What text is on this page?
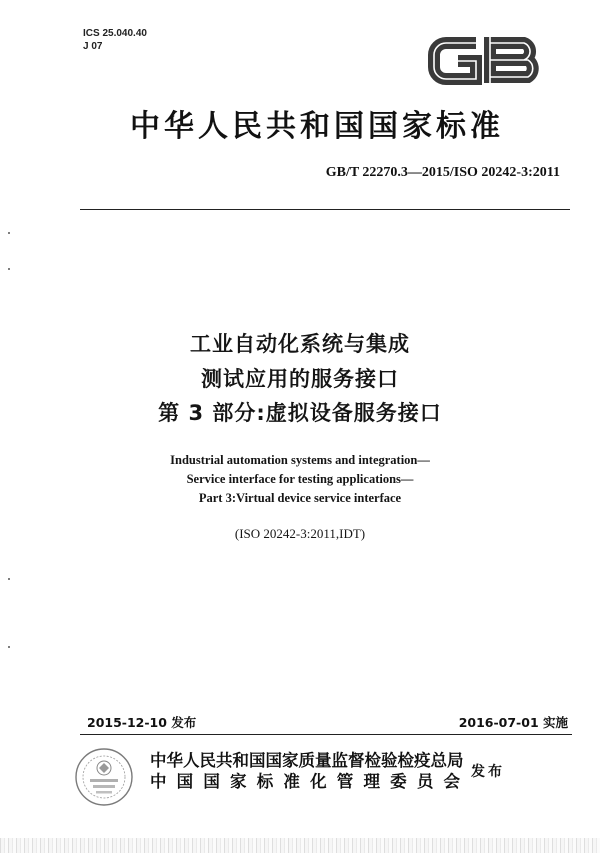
ICS 25.040.40
J 07
中华人民共和国国家标准
GB/T 22270.3—2015/ISO 20242-3:2011
工业自动化系统与集成
测试应用的服务接口
第 3 部分:虚拟设备服务接口
Industrial automation systems and integration—
Service interface for testing applications—
Part 3:Virtual device service interface
(ISO 20242-3:2011,IDT)
2015-12-10 发布	2016-07-01 实施
中华人民共和国国家质量监督检验检疫总局
中国国家标准化管理委员会 发布
